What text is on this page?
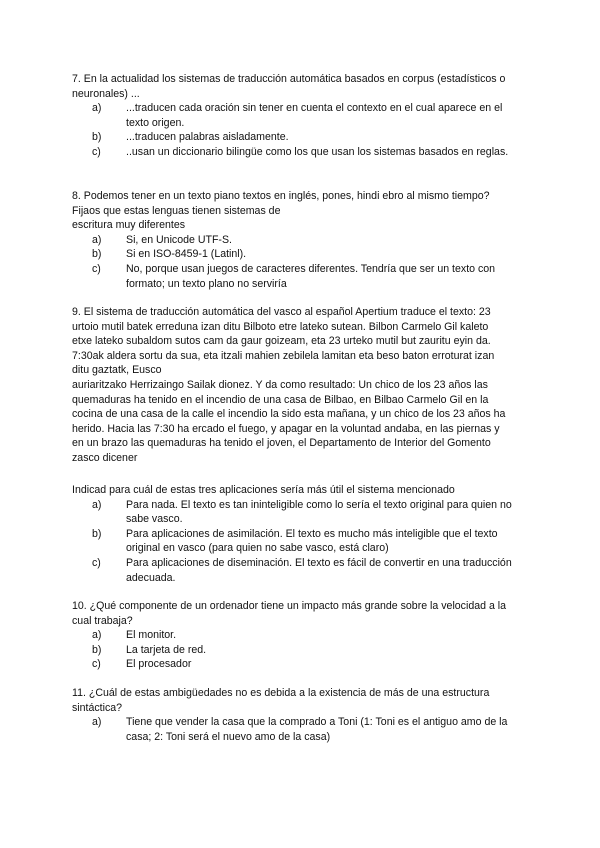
7. En la actualidad los sistemas de traducción automática basados en corpus (estadísticos o
neuronales) ...
a) ...traducen cada oración sin tener en cuenta el contexto en el cual aparece en el
texto origen.
b) ...traducen palabras aisladamente.
c) ..usan un diccionario bilingüe como los que usan los sistemas basados en reglas.
8. Podemos tener en un texto piano textos en inglés, pones, hindi ebro al mismo tiempo?
Fijaos que estas lenguas tienen sistemas de
escritura muy diferentes
a) Si, en Unicode UTF-S.
b) Si en ISO-8459-1 (Latinl).
c) No, porque usan juegos de caracteres diferentes. Tendría que ser un texto con
formato; un texto plano no serviría
9. El sistema de traducción automática del vasco al español Apertium traduce el texto: 23
urtoio mutil batek erreduna izan ditu Bilboto etre lateko sutean. Bilbon Carmelo Gil kaleto
etxe lateko subaldom sutos cam da gaur goizeam, eta 23 urteko mutil but zauritu eyin da.
7:30ak aldera sortu da sua, eta itzali mahien zebilela lamitan eta beso baton erroturat izan
ditu gaztatk, Eusco
auriaritzako Herrizaingo Sailak dionez. Y da como resultado: Un chico de los 23 años las
quemaduras ha tenido en el incendio de una casa de Bilbao, en Bilbao Carmelo Gil en la
cocina de una casa de la calle el incendio la sido esta mañana, y un chico de los 23 años ha
herido. Hacia las 7:30 ha ercado el fuego, y apagar en la voluntad andaba, en las piernas y
en un brazo las quemaduras ha tenido el joven, el Departamento de Interior del Gomento
zasco dicener
Indicad para cuál de estas tres aplicaciones sería más útil el sistema mencionado
a) Para nada. El texto es tan ininteligible como lo sería el texto original para quien no
sabe vasco.
b) Para aplicaciones de asimilación. El texto es mucho más inteligible que el texto
original en vasco (para quien no sabe vasco, está claro)
c) Para aplicaciones de diseminación. El texto es fácil de convertir en una traducción
adecuada.
10. ¿Qué componente de un ordenador tiene un impacto más grande sobre la velocidad a la
cual trabaja?
a) El monitor.
b) La tarjeta de red.
c) El procesador
11. ¿Cuál de estas ambigüedades no es debida a la existencia de más de una estructura
sintáctica?
a) Tiene que vender la casa que la comprado a Toni (1: Toni es el antiguo amo de la
casa; 2: Toni será el nuevo amo de la casa)
